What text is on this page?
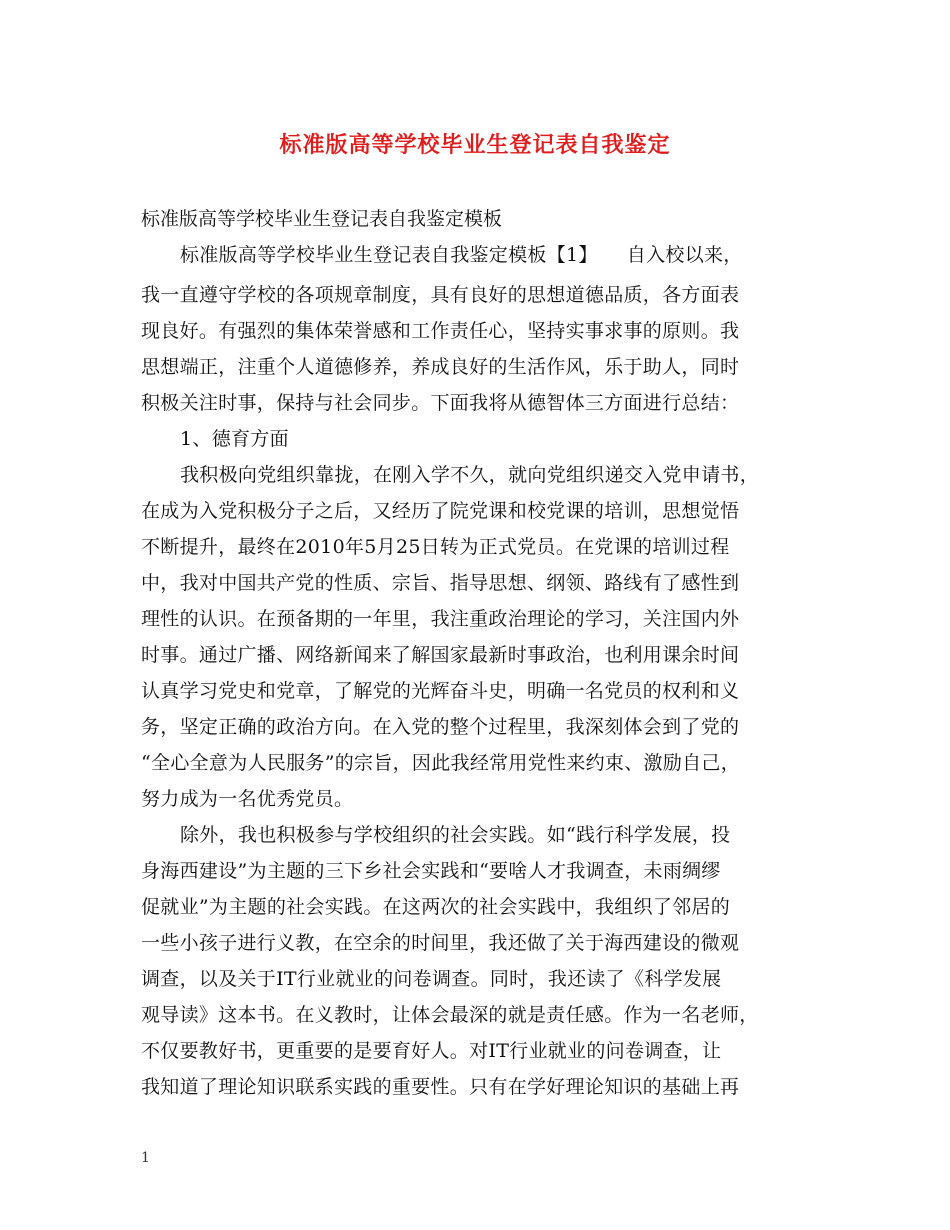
标准版高等学校毕业生登记表自我鉴定

标准版高等学校毕业生登记表自我鉴定模板

标准版高等学校毕业生登记表自我鉴定模板【1】　　自入校以来，

我一直遵守学校的各项规章制度，具有良好的思想道德品质，各方面表

现良好。有强烈的集体荣誉感和工作责任心，坚持实事求事的原则。我

思想端正，注重个人道德修养，养成良好的生活作风，乐于助人，同时

积极关注时事，保持与社会同步。下面我将从德智体三方面进行总结：

1、德育方面

我积极向党组织靠拢，在刚入学不久，就向党组织递交入党申请书，

在成为入党积极分子之后，又经历了院党课和校党课的培训，思想觉悟

不断提升，最终在2010年5月25日转为正式党员。在党课的培训过程

中，我对中国共产党的性质、宗旨、指导思想、纲领、路线有了感性到

理性的认识。在预备期的一年里，我注重政治理论的学习，关注国内外

时事。通过广播、网络新闻来了解国家最新时事政治，也利用课余时间

认真学习党史和党章，了解党的光辉奋斗史，明确一名党员的权利和义

务，坚定正确的政治方向。在入党的整个过程里，我深刻体会到了党的

“全心全意为人民服务”的宗旨，因此我经常用党性来约束、激励自己，

努力成为一名优秀党员。

除外，我也积极参与学校组织的社会实践。如“践行科学发展，投

身海西建设”为主题的三下乡社会实践和“要啥人才我调查，未雨绸缪

促就业”为主题的社会实践。在这两次的社会实践中，我组织了邻居的

一些小孩子进行义教，在空余的时间里，我还做了关于海西建设的微观

调查，以及关于IT行业就业的问卷调查。同时，我还读了《科学发展

观导读》这本书。在义教时，让体会最深的就是责任感。作为一名老师，

不仅要教好书，更重要的是要育好人。对IT行业就业的问卷调查，让

我知道了理论知识联系实践的重要性。只有在学好理论知识的基础上再

1
